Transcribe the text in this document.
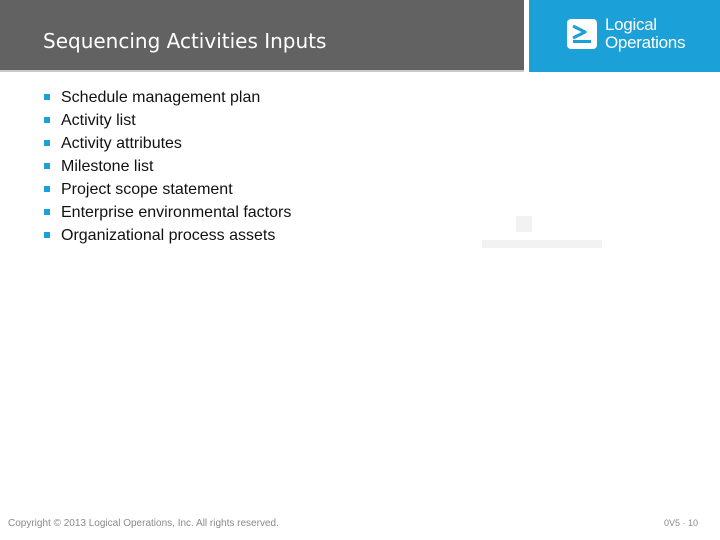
Sequencing Activities Inputs
Logical
Operations
Schedule management plan
Activity list
Activity attributes
Milestone list
Project scope statement
Enterprise environmental factors
Organizational process assets
Copyright © 2013 Logical Operations, Inc. All rights reserved.	0V5 · 10
